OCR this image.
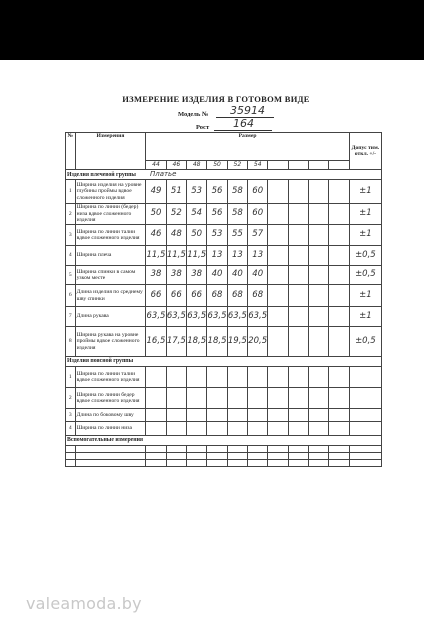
ИЗМЕРЕНИЕ ИЗДЕЛИЯ В ГОТОВОМ ВИДЕ
Модель № 35914
Рост 164
№	Измерения	Размер										Допус тим. откл. +/-
		44	46	48	50	52	54					
Изделия плечевой группы Платье												
1	Ширина изделия на уровне глубины проймы вдвое сложенного изделия	49	51	53	56	58	60					±1
2	Ширина по линии (бедер) низа вдвое сложенного изделия	50	52	54	56	58	60					±1
3	Ширина по линии талии вдвое сложенного изделия	46	48	50	53	55	57					±1
4	Ширина плеча	11,5	11,5	11,5	13	13	13					±0,5
5	Ширина спинки в самом узком месте	38	38	38	40	40	40					±0,5
6	Длина изделия по среднему шву спинки	66	66	66	68	68	68					±1
7	Длина рукава	63,5	63,5	63,5	63,5	63,5	63,5					±1
8	Ширина рукава на уровне проймы вдвое сложенного изделия	16,5	17,5	18,5	18,5	19,5	20,5					±0,5
Изделия поясной группы												
1	Ширина по линии талии вдвое сложенного изделия											
2	Ширина по линии бедер вдвое сложенного изделия											
3	Длина по боковому шву											
4	Ширина по линии низа											
Вспомогательные измерения												

valeamoda.by
